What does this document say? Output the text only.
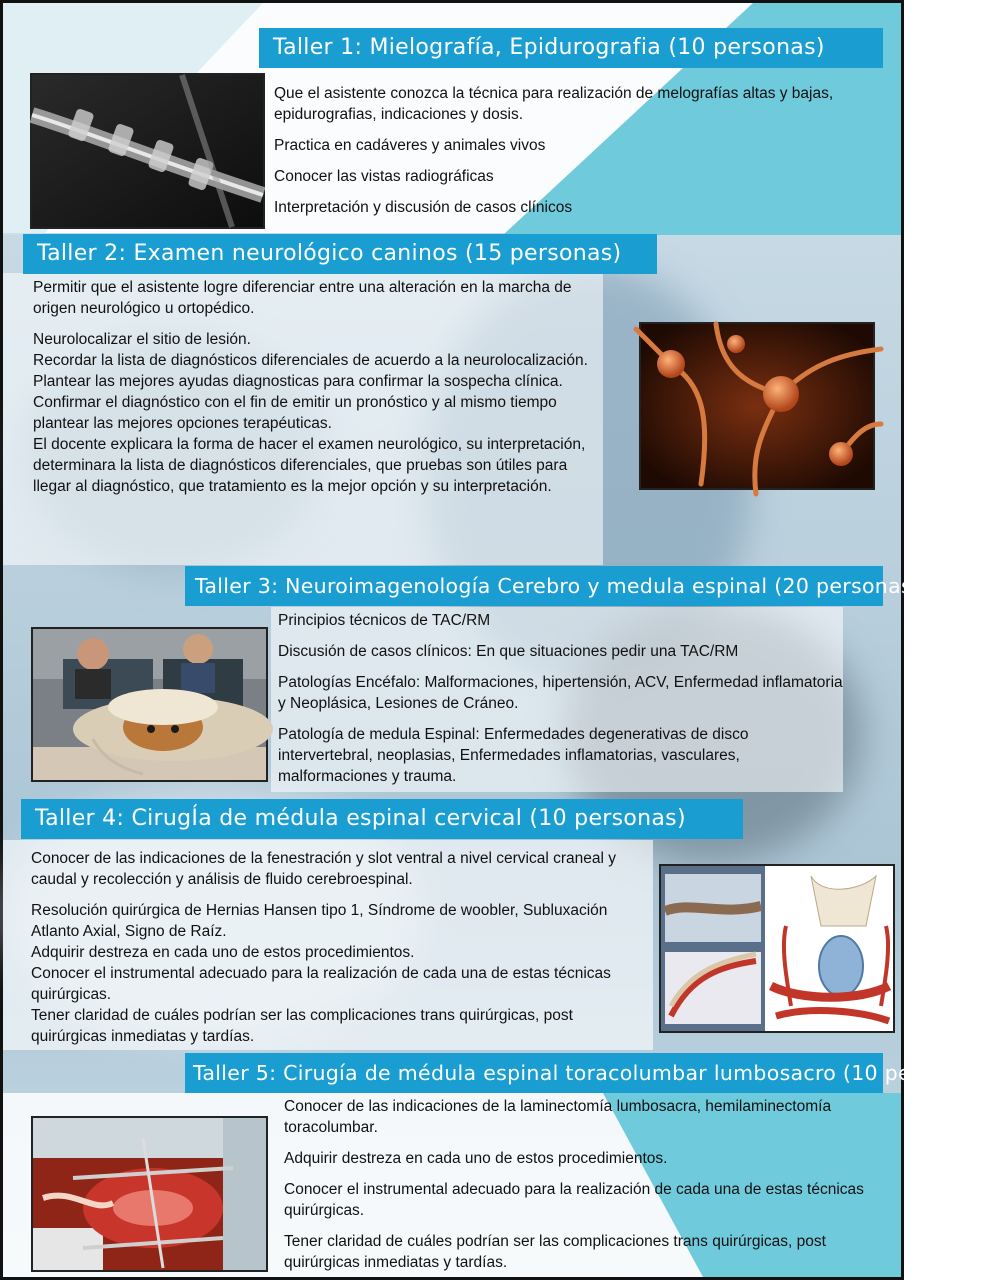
Taller 1: Mielografía, Epidurografia (10 personas)

Que el asistente conozca la técnica para realización de melografías altas y bajas, epidurografias, indicaciones y dosis.

Practica en cadáveres y animales vivos

Conocer las vistas radiográficas

Interpretación y discusión de casos clínicos

Taller 2: Examen neurológico caninos (15 personas)

Permitir que el asistente logre diferenciar entre una alteración en la marcha de origen neurológico u ortopédico.

Neurolocalizar el sitio de lesión.

Recordar la lista de diagnósticos diferenciales de acuerdo a la neurolocalización.

Plantear las mejores ayudas diagnosticas para confirmar la sospecha clínica.

Confirmar el diagnóstico con el fin de emitir un pronóstico y al mismo tiempo plantear las mejores opciones terapéuticas.

El docente explicara la forma de hacer el examen neurológico, su interpretación, determinara la lista de diagnósticos diferenciales, que pruebas son útiles para llegar al diagnóstico, que tratamiento es la mejor opción y su interpretación.

Taller 3: Neuroimagenología Cerebro y medula espinal (20 personas)

Principios técnicos de TAC/RM

Discusión de casos clínicos: En que situaciones pedir una TAC/RM

Patologías Encéfalo: Malformaciones, hipertensión, ACV, Enfermedad inflamatoria y Neoplásica, Lesiones de Cráneo.

Patología de medula Espinal: Enfermedades degenerativas de disco intervertebral, neoplasias, Enfermedades inflamatorias, vasculares, malformaciones y trauma.

Taller 4: CirugÍa de médula espinal cervical (10 personas)

Conocer de las indicaciones de la fenestración y slot ventral a nivel cervical craneal y caudal y recolección y análisis de fluido cerebroespinal.

Resolución quirúrgica de Hernias Hansen tipo 1, Síndrome de woobler, Subluxación Atlanto Axial, Signo de Raíz.

Adquirir destreza en cada uno de estos procedimientos.

Conocer el instrumental adecuado para la realización de cada una de estas técnicas quirúrgicas.

Tener claridad de cuáles podrían ser las complicaciones trans quirúrgicas, post quirúrgicas inmediatas y tardías.

Taller 5: Cirugía de médula espinal toracolumbar lumbosacro (10 personas)

Conocer de las indicaciones de la laminectomía lumbosacra, hemilaminectomía toracolumbar.

Adquirir destreza en cada uno de estos procedimientos.

Conocer el instrumental adecuado para la realización de cada una de estas técnicas quirúrgicas.

Tener claridad de cuáles podrían ser las complicaciones trans quirúrgicas, post quirúrgicas inmediatas y tardías.
